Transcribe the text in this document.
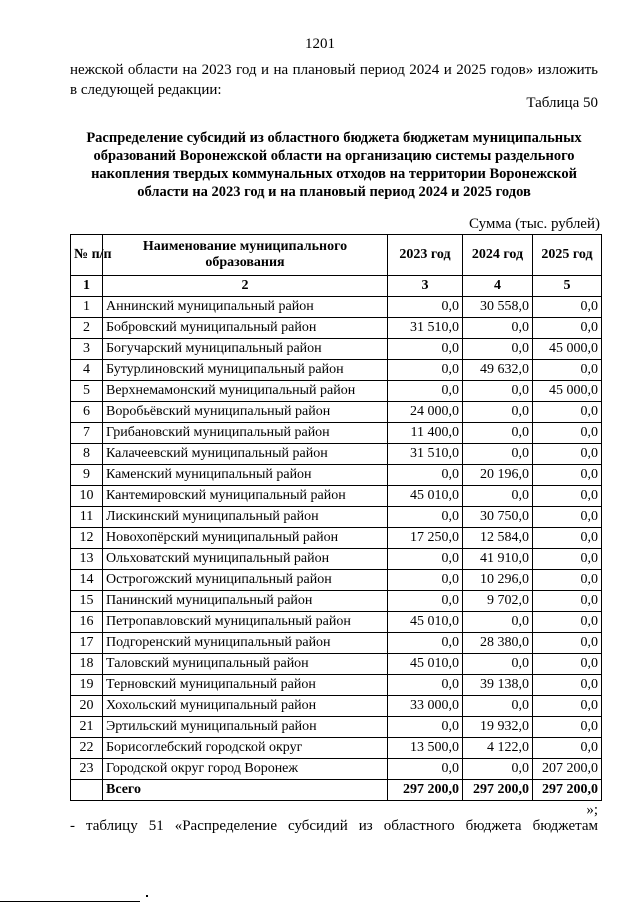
1201
нежской области на 2023 год и на плановый период 2024 и 2025 годов» изложить в следующей редакции:
Таблица 50
Распределение субсидий из областного бюджета бюджетам муниципальных образований Воронежской области на организацию системы раздельного накопления твердых коммунальных отходов на территории Воронежской области на 2023 год и на плановый период 2024 и 2025 годов
Сумма (тыс. рублей)
№ п/п	Наименование муниципального образования	2023 год	2024 год	2025 год
1	2	3	4	5
1	Аннинский муниципальный район	0,0	30 558,0	0,0
2	Бобровский муниципальный район	31 510,0	0,0	0,0
3	Богучарский муниципальный район	0,0	0,0	45 000,0
4	Бутурлиновский муниципальный район	0,0	49 632,0	0,0
5	Верхнемамонский муниципальный район	0,0	0,0	45 000,0
6	Воробьёвский муниципальный район	24 000,0	0,0	0,0
7	Грибановский муниципальный район	11 400,0	0,0	0,0
8	Калачеевский муниципальный район	31 510,0	0,0	0,0
9	Каменский муниципальный район	0,0	20 196,0	0,0
10	Кантемировский муниципальный район	45 010,0	0,0	0,0
11	Лискинский муниципальный район	0,0	30 750,0	0,0
12	Новохопёрский муниципальный район	17 250,0	12 584,0	0,0
13	Ольховатский муниципальный район	0,0	41 910,0	0,0
14	Острогожский муниципальный район	0,0	10 296,0	0,0
15	Панинский муниципальный район	0,0	9 702,0	0,0
16	Петропавловский муниципальный район	45 010,0	0,0	0,0
17	Подгоренский муниципальный район	0,0	28 380,0	0,0
18	Таловский муниципальный район	45 010,0	0,0	0,0
19	Терновский муниципальный район	0,0	39 138,0	0,0
20	Хохольский муниципальный район	33 000,0	0,0	0,0
21	Эртильский муниципальный район	0,0	19 932,0	0,0
22	Борисоглебский городской округ	13 500,0	4 122,0	0,0
23	Городской округ город Воронеж	0,0	0,0	207 200,0
	Всего	297 200,0	297 200,0	297 200,0
»;
- таблицу 51 «Распределение субсидий из областного бюджета бюджетам
